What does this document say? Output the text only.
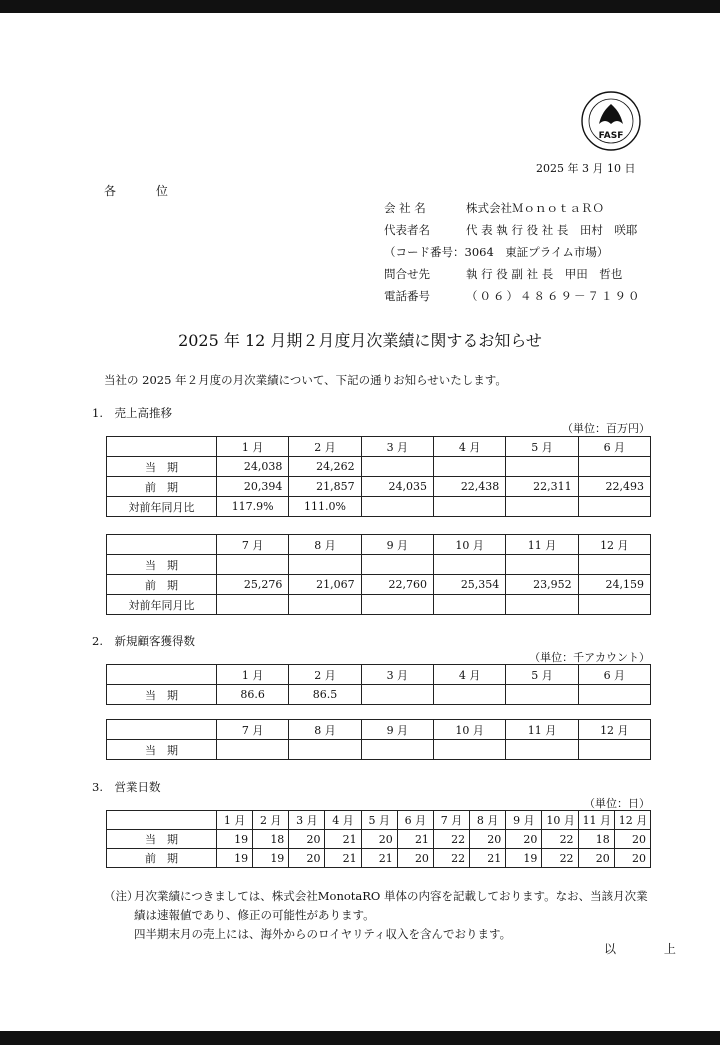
FASF
2025 年 3 月 10 日
各 位
会 社 名	株式会社ＭｏｎｏｔａＲＯ
代表者名	代 表 執 行 役 社 長　田村　咲耶
（コード番号：3064　東証プライム市場）
問合せ先	執 行 役 副 社 長　甲田　哲也
電話番号	（０６）４８６９－７１９０
2025 年 12 月期２月度月次業績に関するお知らせ
当社の 2025 年２月度の月次業績について、下記の通りお知らせいたします。
1.　売上高推移
（単位：百万円）
	1 月	2 月	3 月	4 月	5 月	6 月
当　期	24,038	24,262				
前　期	20,394	21,857	24,035	22,438	22,311	22,493
対前年同月比	117.9%	111.0%				
	7 月	8 月	9 月	10 月	11 月	12 月
当　期						
前　期	25,276	21,067	22,760	25,354	23,952	24,159
対前年同月比						
2.　新規顧客獲得数
（単位：千アカウント）
	1 月	2 月	3 月	4 月	5 月	6 月
当　期	86.6	86.5				
	7 月	8 月	9 月	10 月	11 月	12 月
当　期						
3.　営業日数
（単位：日）
	1 月	2 月	3 月	4 月	5 月	6 月	7 月	8 月	9 月	10 月	11 月	12 月
当　期	19	18	20	21	20	21	22	20	20	22	18	20
前　期	19	19	20	21	21	20	22	21	19	22	20	20
（注）
月次業績につきましては、株式会社MonotaRO 単体の内容を記載しております。なお、当該月次業
績は速報値であり、修正の可能性があります。
四半期末月の売上には、海外からのロイヤリティ収入を含んでおります。
以 上
